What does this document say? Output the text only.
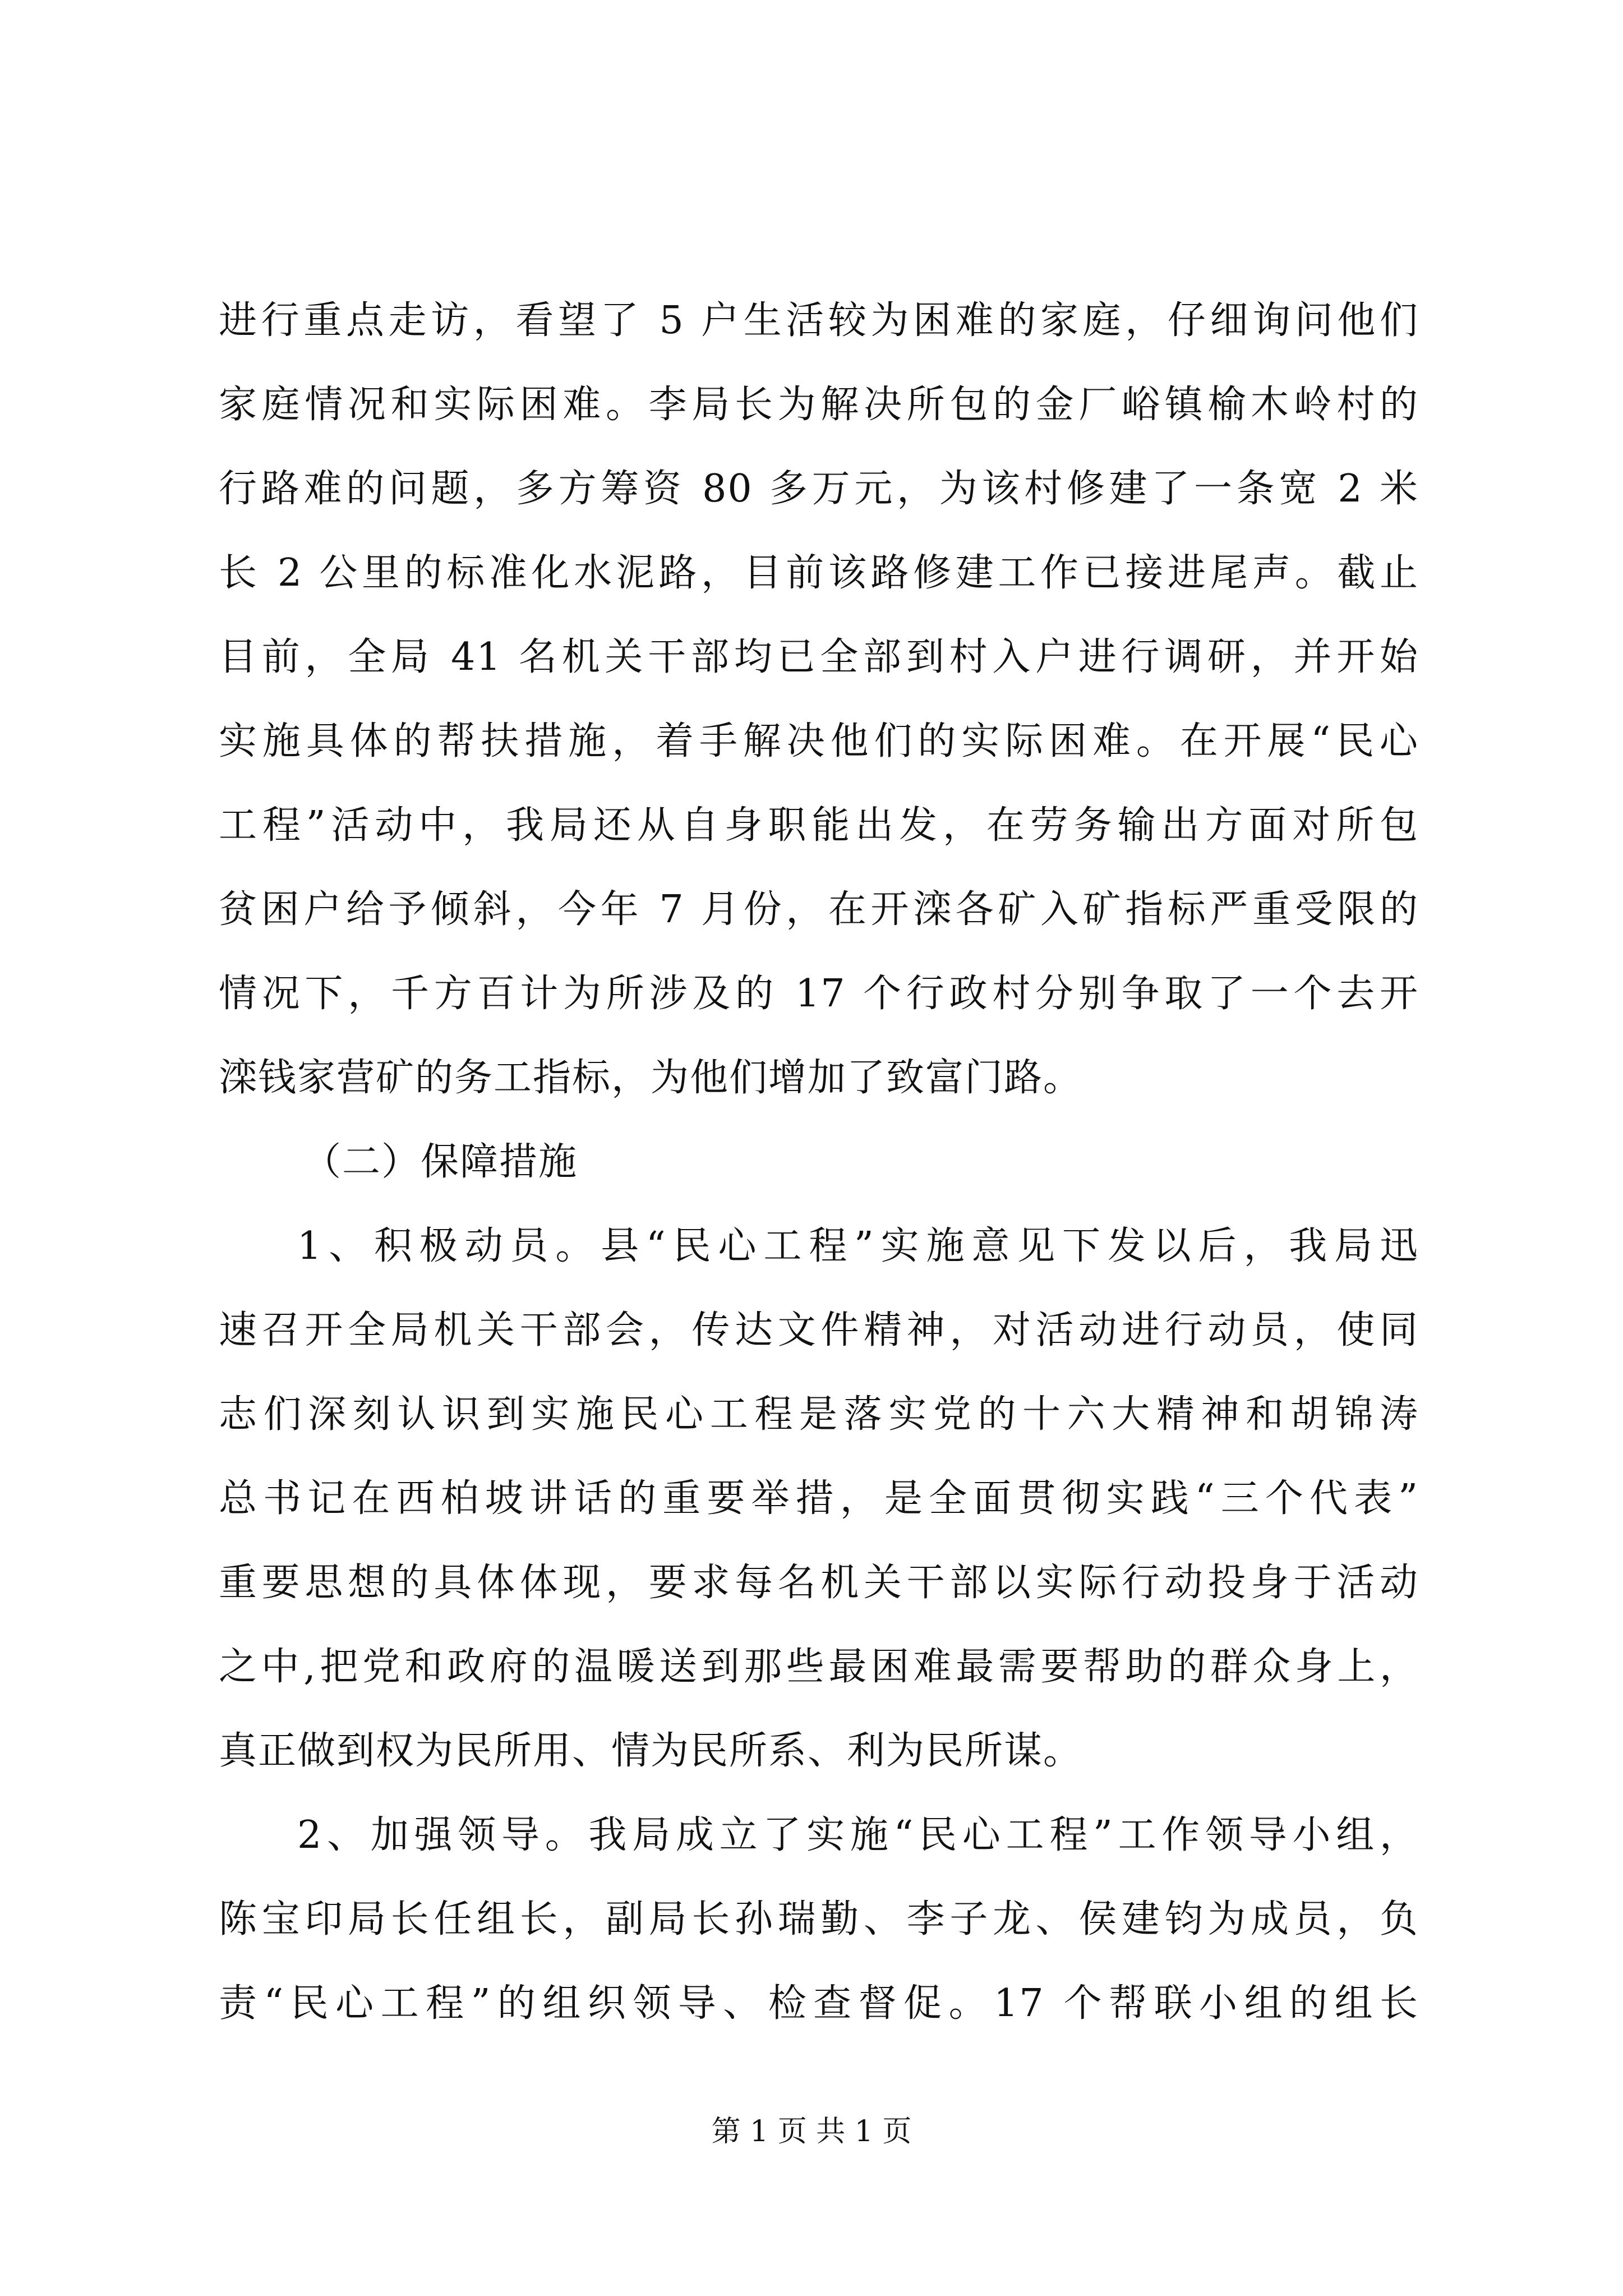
进行重点走访，看望了 5 户生活较为困难的家庭，仔细询问他们
家庭情况和实际困难。李局长为解决所包的金厂峪镇榆木岭村的
行路难的问题，多方筹资 80 多万元，为该村修建了一条宽 2 米
长 2 公里的标准化水泥路，目前该路修建工作已接进尾声。截止
目前，全局 41 名机关干部均已全部到村入户进行调研，并开始
实施具体的帮扶措施，着手解决他们的实际困难。在开展“民心
工程”活动中，我局还从自身职能出发，在劳务输出方面对所包
贫困户给予倾斜，今年 7 月份，在开滦各矿入矿指标严重受限的
情况下，千方百计为所涉及的 17 个行政村分别争取了一个去开
滦钱家营矿的务工指标，为他们增加了致富门路。
（二）保障措施
1、积极动员。县“民心工程”实施意见下发以后，我局迅
速召开全局机关干部会，传达文件精神，对活动进行动员，使同
志们深刻认识到实施民心工程是落实党的十六大精神和胡锦涛
总书记在西柏坡讲话的重要举措，是全面贯彻实践“三个代表”
重要思想的具体体现，要求每名机关干部以实际行动投身于活动
之中,把党和政府的温暖送到那些最困难最需要帮助的群众身上，
真正做到权为民所用、情为民所系、利为民所谋。
2、加强领导。我局成立了实施“民心工程”工作领导小组，
陈宝印局长任组长，副局长孙瑞勤、李子龙、侯建钧为成员，负
责“民心工程”的组织领导、检查督促。17 个帮联小组的组长
第 1 页 共 1 页
